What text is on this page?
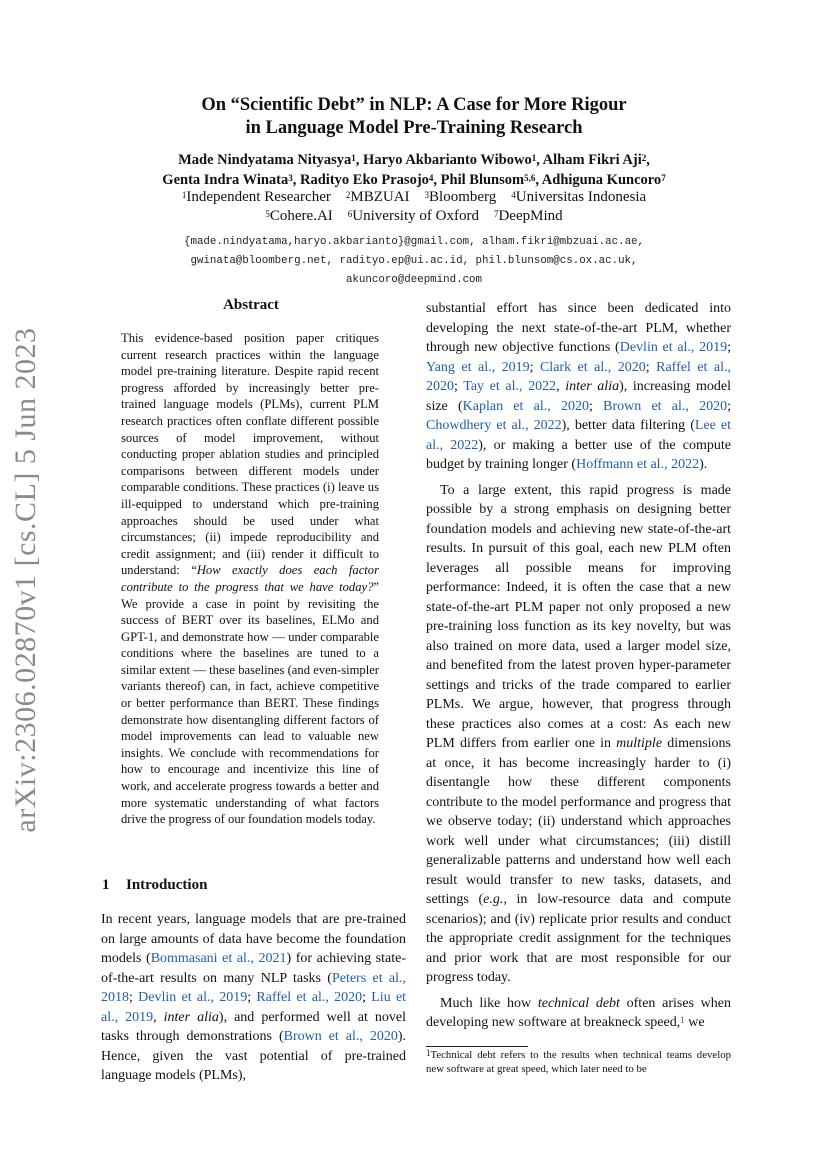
arXiv:2306.02870v1 [cs.CL] 5 Jun 2023
On “Scientific Debt” in NLP: A Case for More Rigour
in Language Model Pre-Training Research
Made Nindyatama Nityasya$^1$, Haryo Akbarianto Wibowo$^1$, Alham Fikri Aji$^2$,
Genta Indra Winata$^3$, Radityo Eko Prasojo$^4$, Phil Blunsom$^{5,6}$, Adhiguna Kuncoro$^7$
$^1$Independent Researcher $^2$MBZUAI $^3$Bloomberg $^4$Universitas Indonesia
$^5$Cohere.AI $^6$University of Oxford $^7$DeepMind
{made.nindyatama,haryo.akbarianto}@gmail.com, alham.fikri@mbzuai.ac.ae,
gwinata@bloomberg.net, radityo.ep@ui.ac.id, phil.blunsom@cs.ox.ac.uk,
akuncoro@deepmind.com
Abstract
This evidence-based position paper critiques current research practices within the language model pre-training literature. Despite rapid recent progress afforded by increasingly better pre-trained language models (PLMs), current PLM research practices often conflate different possible sources of model improvement, without conducting proper ablation studies and principled comparisons between different models under comparable conditions. These practices (i) leave us ill-equipped to understand which pre-training approaches should be used under what circumstances; (ii) impede reproducibility and credit assignment; and (iii) render it difficult to understand: “How exactly does each factor contribute to the progress that we have today?” We provide a case in point by revisiting the success of BERT over its baselines, ELMo and GPT-1, and demonstrate how — under comparable conditions where the baselines are tuned to a similar extent — these baselines (and even-simpler variants thereof) can, in fact, achieve competitive or better performance than BERT. These findings demonstrate how disentangling different factors of model improvements can lead to valuable new insights. We conclude with recommendations for how to encourage and incentivize this line of work, and accelerate progress towards a better and more systematic understanding of what factors drive the progress of our foundation models today.
1 Introduction
In recent years, language models that are pre-trained on large amounts of data have become the foundation models (Bommasani et al., 2021) for achieving state-of-the-art results on many NLP tasks (Peters et al., 2018; Devlin et al., 2019; Raffel et al., 2020; Liu et al., 2019, inter alia), and performed well at novel tasks through demonstrations (Brown et al., 2020). Hence, given the vast potential of pre-trained language models (PLMs),

substantial effort has since been dedicated into developing the next state-of-the-art PLM, whether through new objective functions (Devlin et al., 2019; Yang et al., 2019; Clark et al., 2020; Raffel et al., 2020; Tay et al., 2022, inter alia), increasing model size (Kaplan et al., 2020; Brown et al., 2020; Chowdhery et al., 2022), better data filtering (Lee et al., 2022), or making a better use of the compute budget by training longer (Hoffmann et al., 2022).

To a large extent, this rapid progress is made possible by a strong emphasis on designing better foundation models and achieving new state-of-the-art results. In pursuit of this goal, each new PLM often leverages all possible means for improving performance: Indeed, it is often the case that a new state-of-the-art PLM paper not only proposed a new pre-training loss function as its key novelty, but was also trained on more data, used a larger model size, and benefited from the latest proven hyper-parameter settings and tricks of the trade compared to earlier PLMs. We argue, however, that progress through these practices also comes at a cost: As each new PLM differs from earlier one in multiple dimensions at once, it has become increasingly harder to (i) disentangle how these different components contribute to the model performance and progress that we observe today; (ii) understand which approaches work well under what circumstances; (iii) distill generalizable patterns and understand how well each result would transfer to new tasks, datasets, and settings (e.g., in low-resource data and compute scenarios); and (iv) replicate prior results and conduct the appropriate credit assignment for the techniques and prior work that are most responsible for our progress today.

Much like how technical debt often arises when developing new software at breakneck speed,$^1$ we

$^1$Technical debt refers to the results when technical teams develop new software at great speed, which later need to be
